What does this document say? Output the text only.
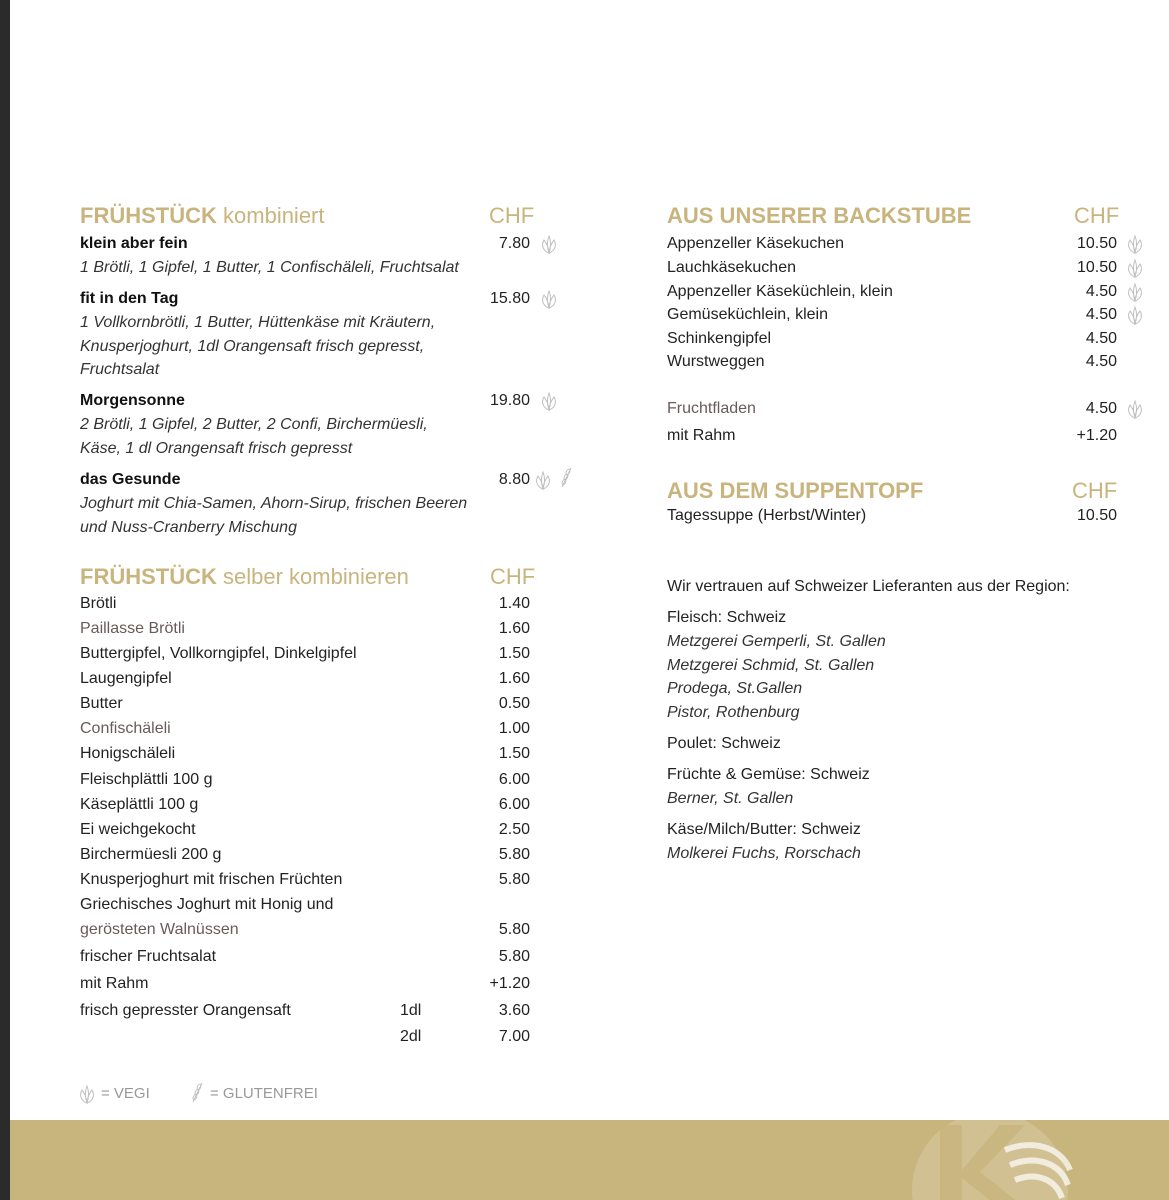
FRÜHSTÜCK kombiniert	CHF
klein aber fein	7.80
1 Brötli, 1 Gipfel, 1 Butter, 1 Confischäleli, Fruchtsalat
fit in den Tag	15.80
1 Vollkornbrötli, 1 Butter, Hüttenkäse mit Kräutern, Knusperjoghurt, 1dl Orangensaft frisch gepresst, Fruchtsalat
Morgensonne	19.80
2 Brötli, 1 Gipfel, 2 Butter, 2 Confi, Birchermüesli, Käse, 1 dl Orangensaft frisch gepresst
das Gesunde	8.80
Joghurt mit Chia-Samen, Ahorn-Sirup, frischen Beeren und Nuss-Cranberry Mischung
FRÜHSTÜCK selber kombinieren	CHF
Brötli	1.40
Paillasse Brötli	1.60
Buttergipfel, Vollkorngipfel, Dinkelgipfel	1.50
Laugengipfel	1.60
Butter	0.50
Confischäleli	1.00
Honigschäleli	1.50
Fleischplättli 100 g	6.00
Käseplättli 100 g	6.00
Ei weichgekocht	2.50
Birchermüesli 200 g	5.80
Knusperjoghurt mit frischen Früchten	5.80
Griechisches Joghurt mit Honig und
gerösteten Walnüssen	5.80
frischer Fruchtsalat	5.80
mit Rahm	+1.20
frisch gepresster Orangensaft	1dl	3.60
2dl	7.00
= VEGI	= GLUTENFREI
AUS UNSERER BACKSTUBE	CHF
Appenzeller Käsekuchen	10.50
Lauchkäsekuchen	10.50
Appenzeller Käseküchlein, klein	4.50
Gemüseküchlein, klein	4.50
Schinkengipfel	4.50
Wurstweggen	4.50
Fruchtfladen	4.50
mit Rahm	+1.20
AUS DEM SUPPENTOPF	CHF
Tagessuppe (Herbst/Winter)	10.50
Wir vertrauen auf Schweizer Lieferanten aus der Region:
Fleisch: Schweiz
Metzgerei Gemperli, St. Gallen
Metzgerei Schmid, St. Gallen
Prodega, St.Gallen
Pistor, Rothenburg
Poulet: Schweiz
Früchte & Gemüse: Schweiz
Berner, St. Gallen
Käse/Milch/Butter: Schweiz
Molkerei Fuchs, Rorschach
